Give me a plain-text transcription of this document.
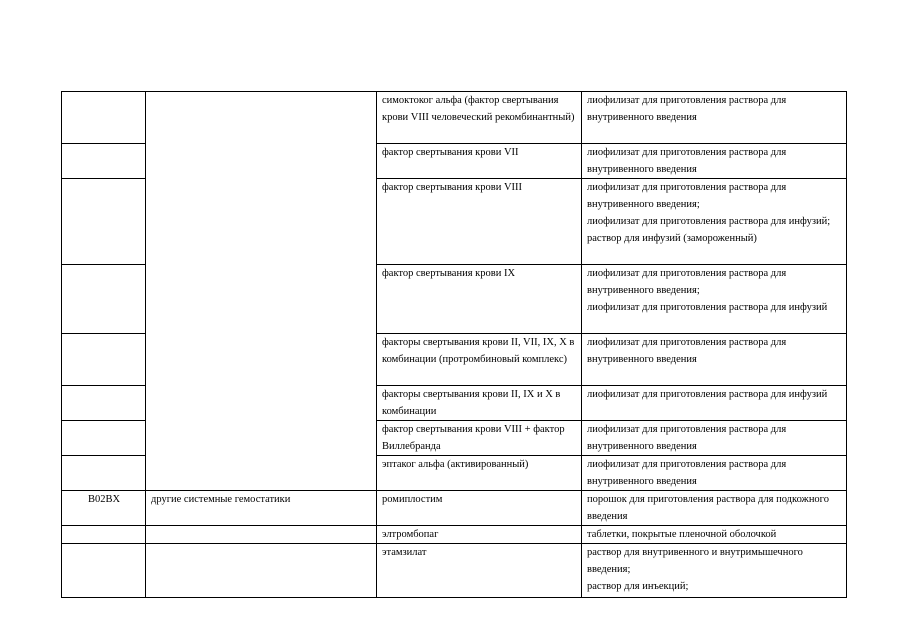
		симоктоког альфа (фактор свертывания крови VIII человеческий рекомбинантный)	лиофилизат для приготовления раствора для внутривенного введения

		фактор свертывания крови VII	лиофилизат для приготовления раствора для внутривенного введения

		фактор свертывания крови VIII	лиофилизат для приготовления раствора для внутривенного введения;
лиофилизат для приготовления раствора для инфузий;
раствор для инфузий (замороженный)

		фактор свертывания крови IX	лиофилизат для приготовления раствора для внутривенного введения;
лиофилизат для приготовления раствора для инфузий

		факторы свертывания крови II, VII, IX, X в комбинации (протромбиновый комплекс)	лиофилизат для приготовления раствора для внутривенного введения

		факторы свертывания крови II, IX и X в комбинации	лиофилизат для приготовления раствора для инфузий

		фактор свертывания крови VIII + фактор Виллебранда	лиофилизат для приготовления раствора для внутривенного введения

		эптаког альфа (активированный)	лиофилизат для приготовления раствора для внутривенного введения

B02BX	другие системные гемостатики	ромиплостим	порошок для приготовления раствора для подкожного введения

		элтромбопаг	таблетки, покрытые пленочной оболочкой

		этамзилат	раствор для внутривенного и внутримышечного введения;
раствор для инъекций;
